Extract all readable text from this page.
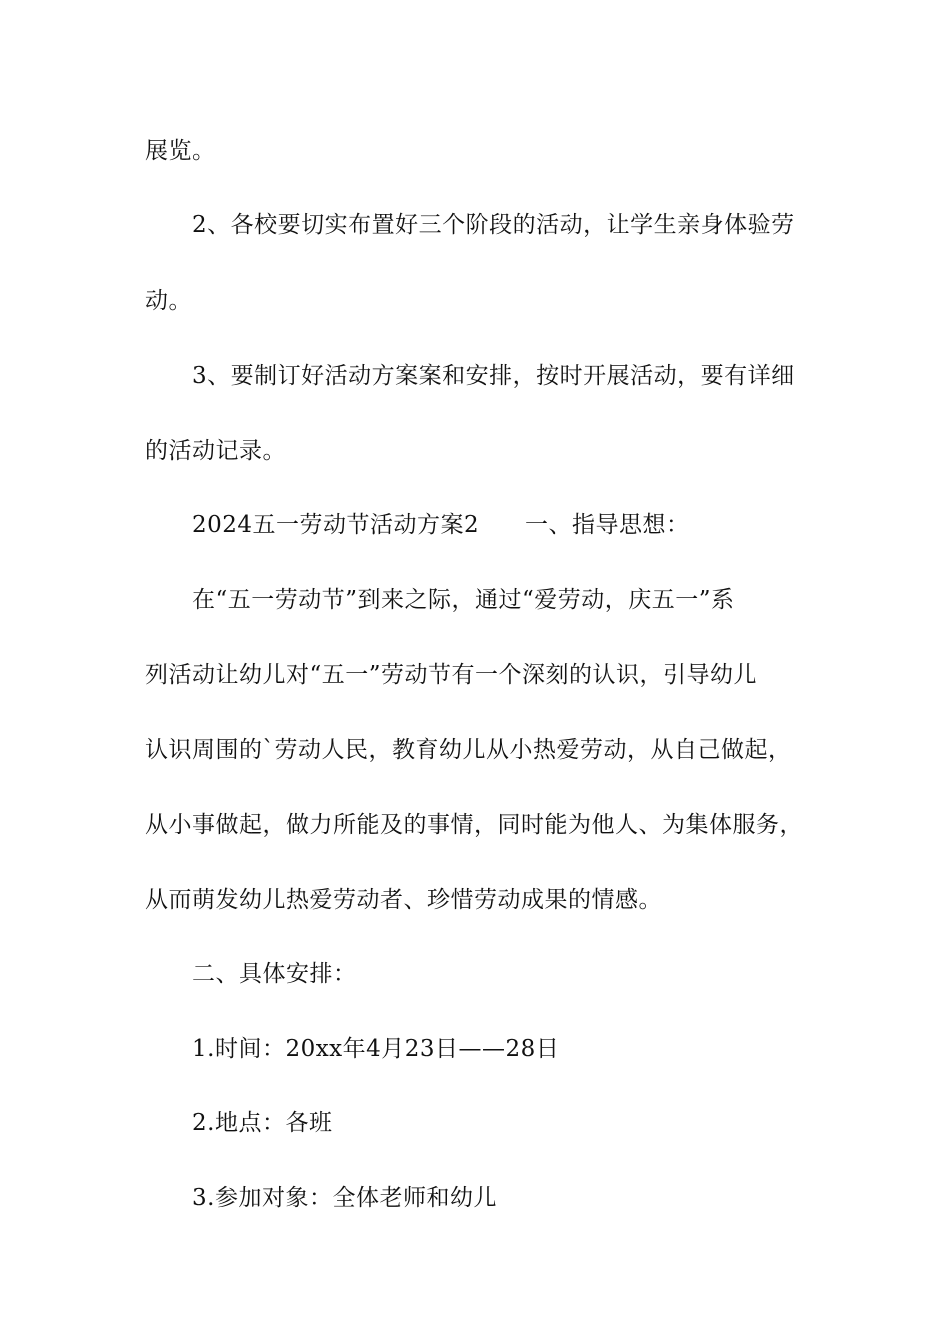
展览。
2、各校要切实布置好三个阶段的活动，让学生亲身体验劳
动。
3、要制订好活动方案案和安排，按时开展活动，要有详细
的活动记录。
2024五一劳动节活动方案2 一、指导思想：
在“五一劳动节”到来之际，通过“爱劳动，庆五一”系
列活动让幼儿对“五一”劳动节有一个深刻的认识，引导幼儿
认识周围的`劳动人民，教育幼儿从小热爱劳动，从自己做起，
从小事做起，做力所能及的事情，同时能为他人、为集体服务，
从而萌发幼儿热爱劳动者、珍惜劳动成果的情感。
二、具体安排：
1.时间：20xx年4月23日——28日
2.地点：各班
3.参加对象：全体老师和幼儿
